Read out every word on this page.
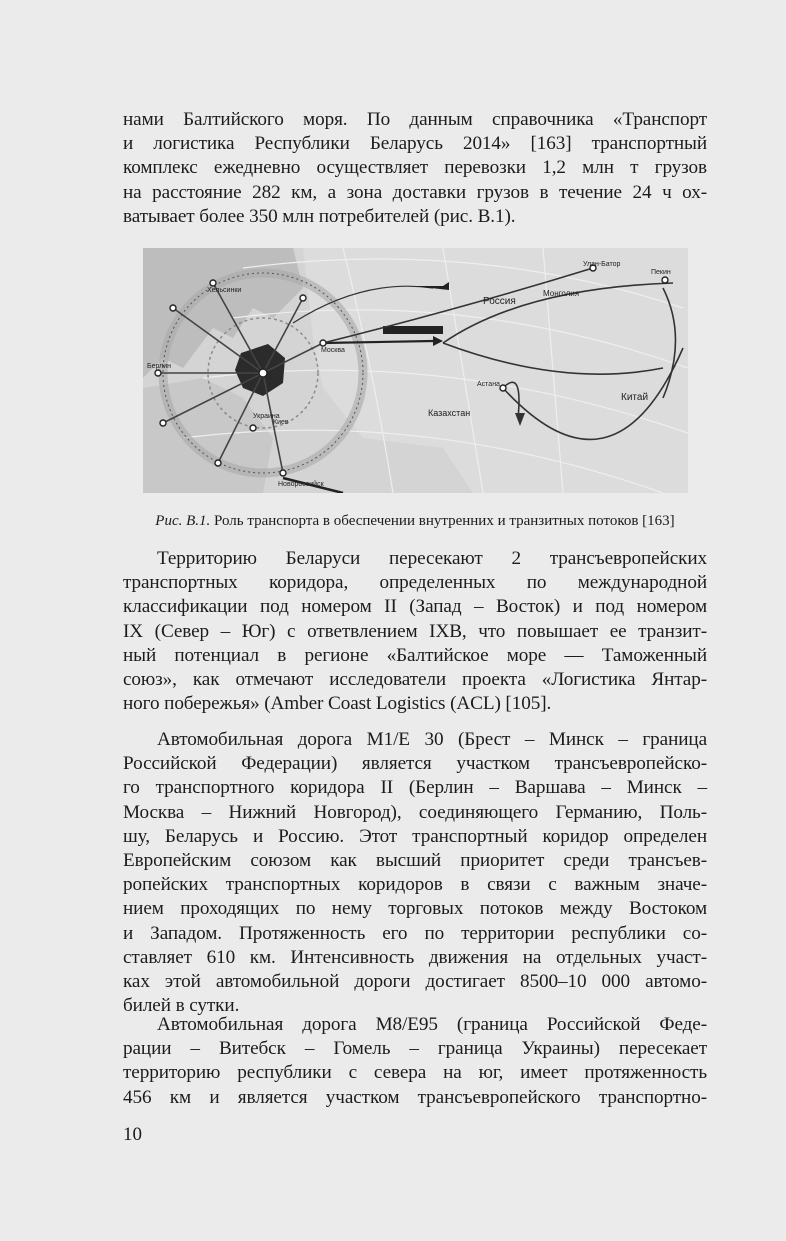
нами Балтийского моря. По данным справочника «Транспорт
и логистика Республики Беларусь 2014» [163] транспортный
комплекс ежедневно осуществляет перевозки 1,2 млн т грузов
на расстояние 282 км, а зона доставки грузов в течение 24 ч ох-
ватывает более 350 млн потребителей (рис. В.1).
Россия
Монголия
Улан-Батор
Пекин
Казахстан
Китай
Хельсинки
Москва
Астана
Украина
Киев
Новороссийск
Берлин
Рис. В.1. Роль транспорта в обеспечении внутренних и транзитных потоков [163]
Территорию Беларуси пересекают 2 трансъевропейских
транспортных коридора, определенных по международной
классификации под номером II (Запад – Восток) и под номером
IX (Север – Юг) с ответвлением IXВ, что повышает ее транзит-
ный потенциал в регионе «Балтийское море — Таможенный
союз», как отмечают исследователи проекта «Логистика Янтар-
ного побережья» (Amber Coast Logistics (ACL) [105].
Автомобильная дорога М1/Е 30 (Брест – Минск – граница
Российской Федерации) является участком трансъевропейско-
го транспортного коридора II (Берлин – Варшава – Минск –
Москва – Нижний Новгород), соединяющего Германию, Поль-
шу, Беларусь и Россию. Этот транспортный коридор определен
Европейским союзом как высший приоритет среди трансъев-
ропейских транспортных коридоров в связи с важным значе-
нием проходящих по нему торговых потоков между Востоком
и Западом. Протяженность его по территории республики со-
ставляет 610 км. Интенсивность движения на отдельных участ-
ках этой автомобильной дороги достигает 8500–10 000 автомо-
билей в сутки.
Автомобильная дорога М8/Е95 (граница Российской Феде-
рации – Витебск – Гомель – граница Украины) пересекает
территорию республики с севера на юг, имеет протяженность
456 км и является участком трансъевропейского транспортно-
10
